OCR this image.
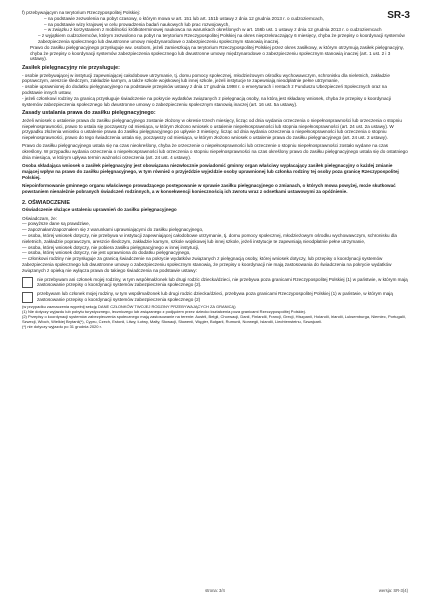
SR-3

f) przebywającym na terytorium Rzeczypospolitej Polskiej:

– na podstawie zezwolenia na pobyt czasowy, o którym mowa w art. 151 lub art. 151b ustawy z dnia 12 grudnia 2013 r. o cudzoziemcach,

– na podstawie wizy krajowej w celu prowadzenia badań naukowych lub prac rozwojowych,

– w związku z korzystaniem z mobilności krótkoterminowej naukowca na warunkach określonych w art. 156b ust. 1 ustawy z dnia 12 grudnia 2013 r. o cudzoziemcach

– z wyjątkiem cudzoziemców, którym zezwolono na pobyt na terytorium Rzeczypospolitej Polskiej na okres nieprzekraczający 6 miesięcy, chyba że przepisy o koordynacji systemów zabezpieczenia społecznego lub dwustronne umowy międzynarodowe o zabezpieczeniu społecznym stanowią inaczej.

Prawo do zasiłku pielęgnacyjnego przysługuje ww. osobom, jeżeli zamieszkują na terytorium Rzeczypospolitej Polskiej przez okres zasiłkowy, w którym otrzymują zasiłek pielęgnacyjny, chyba że przepisy o koordynacji systemów zabezpieczenia społecznego lub dwustronne umowy międzynarodowe o zabezpieczeniu społecznym stanowią inaczej (art. 1 ust. 2 i 3 ustawy).

Zasiłek pielęgnacyjny nie przysługuje:

- osobie przebywającej w instytucji zapewniającej całodobowe utrzymanie, tj. domu pomocy społecznej, młodzieżowym ośrodku wychowawczym, schronisku dla nieletnich, zakładzie poprawczym, areszcie śledczym, zakładzie karnym, a także szkole wojskowej lub innej szkole, jeżeli instytucje te zapewniają nieodpłatnie pełne utrzymanie,

- osobie uprawnionej do dodatku pielęgnacyjnego na podstawie przepisów ustawy z dnia 17 grudnia 1998 r. o emeryturach i rentach z Funduszu Ubezpieczeń Społecznych oraz na podstawie innych ustaw,

- jeżeli członkowi rodziny za granicą przysługuje świadczenie na pokrycie wydatków związanych z pielęgnacją osoby, na którą jest składany wniosek, chyba że przepisy o koordynacji systemów zabezpieczenia społecznego lub dwustronne umowy o zabezpieczeniu społecznym stanowią inaczej (art. 16 ust. 5a ustawy).

Zasady ustalania prawa do zasiłku pielęgnacyjnego:

Jeżeli wniosek o ustalenie prawa do zasiłku pielęgnacyjnego zostanie złożony w okresie trzech miesięcy, licząc od dnia wydania orzeczenia o niepełnosprawności lub orzeczenia o stopniu niepełnosprawności, prawo to ustala się począwszy od miesiąca, w którym złożono wniosek o ustalenie niepełnosprawności lub stopnia niepełnosprawności (art. 24 ust. 2a ustawy). W przypadku złożenia wniosku o ustalenie prawa do zasiłku pielęgnacyjnego po upływie 3 miesięcy, licząc od dnia wydania orzeczenia o niepełnosprawności lub orzeczenia o stopniu niepełnosprawności, prawo do tego świadczenia ustala się, począwszy od miesiąca, w którym złożono wniosek o ustalenie prawa do zasiłku pielęgnacyjnego (art. 24 ust. 2 ustawy).

Prawo do zasiłku pielęgnacyjnego ustala się na czas nieokreślony, chyba że orzeczenie o niepełnosprawności lub orzeczenie o stopniu niepełnosprawności zostało wydane na czas określony. W przypadku wydania orzeczenia o niepełnosprawności lub orzeczenia o stopniu niepełnosprawności na czas określony prawo do zasiłku pielęgnacyjnego ustala się do ostatniego dnia miesiąca, w którym upływa termin ważności orzeczenia (art. 24 ust. 4 ustawy).

Osoba składająca wniosek o zasiłek pielęgnacyjny jest obowiązana niezwłocznie powiadomić gminny organ właściwy wypłacający zasiłek pielęgnacyjny o każdej zmianie mającej wpływ na prawo do zasiłku pielęgnacyjnego, w tym również o przyjeździe wyjeździe osoby uprawnionej lub członka rodziny tej osoby poza granicę Rzeczypospolitej Polskiej.

Niepoinformowanie gminnego organu właściwego prowadzącego postępowanie w sprawie zasiłku pielęgnacyjnego o zmianach, o których mowa powyżej, może skutkować powstaniem nienależnie pobranych świadczeń rodzinnych, a w konsekwencji koniecznością ich zwrotu wraz z odsetkami ustawowymi za opóźnienie.

2. OŚWIADCZENIE

Oświadczenie służące ustaleniu uprawnień do zasiłku pielęgnacyjnego

Oświadczam, że:

— powyższe dane są prawdziwe,
— zapoznałam/zapoznałem się z warunkami uprawniającymi do zasiłku pielęgnacyjnego,

— osoba, której wniosek dotyczy, nie przebywa w instytucji zapewniającej całodobowe utrzymanie, tj. domu pomocy społecznej, młodzieżowym ośrodku wychowawczym, schronisku dla nieletnich, zakładzie poprawczym, areszcie śledczym, zakładzie karnym, szkole wojskowej lub innej szkole, jeżeli instytucje te zapewniają nieodpłatnie pełne utrzymanie,

— osoba, której wniosek dotyczy, nie pobiera zasiłku pielęgnacyjnego w innej instytucji,
— osoba, której wniosek dotyczy, nie jest uprawniona do dodatku pielęgnacyjnego,

— członkowi rodziny nie przysługuje za granicą świadczenie na pokrycie wydatków związanych z pielęgnacją osoby, której wniosek dotyczy, lub przepisy o koordynacji systemów zabezpieczenia społecznego lub dwustronne umowy o zabezpieczeniu społecznym stanowią, że przepisy o koordynacji nie mają zastosowania do świadczenia na pokrycie wydatków związanych z opieką nie wyłącza prawa do takiego świadczenia na podstawie ustawy:

nie przebywam ani członek mojej rodziny, w tym współmałżonek lub drugi rodzic dziecka/dzieci, nie przebywa poza granicami Rzeczypospolitej Polskiej (1) w państwie, w którym mają zastosowanie przepisy o koordynacji systemów zabezpieczenia społecznego (2).
przebywam lub członek mojej rodziny, w tym współmałżonek lub drugi rodzic dziecka/dzieci, przebywa poza granicami Rzeczypospolitej Polskiej (1) w państwie, w którym mają zastosowanie przepisy o koordynacji systemów zabezpieczenia społecznego (2)

(w przypadku zaznaczenia wypełnij sekcję DANE CZŁONKÓW TWOJEJ RODZINY PRZEBYWAJĄCYCH ZA GRANICĄ)

(1) Nie dotyczy wyjazdu lub pobytu turystycznego, leczniczego lub związanego z podjęciem przez dziecko kształcenia poza granicami Rzeczypospolitej Polskiej.

(2) Przepisy o koordynacji systemów zabezpieczenia społecznego mają zastosowanie na terenie: Austrii, Belgii, Chorwacji, Danii, Finlandii, Francji, Grecji, Hiszpanii, Holandii, Irlandii, Luksemburga, Niemiec, Portugalii, Szwecji, Włoch, Wielkiej Brytanii(*), Cypru, Czech, Estonii, Litwy, Łotwy, Malty, Słowacji, Słowenii, Węgier, Bułgarii, Rumunii, Norwegii, Islandii, Liechtensteinu, Szwajcarii.

(*) nie dotyczy wyjazdu po 31 grudnia 2020 r.

strona: 3/4	wersja: SR-3(4)
